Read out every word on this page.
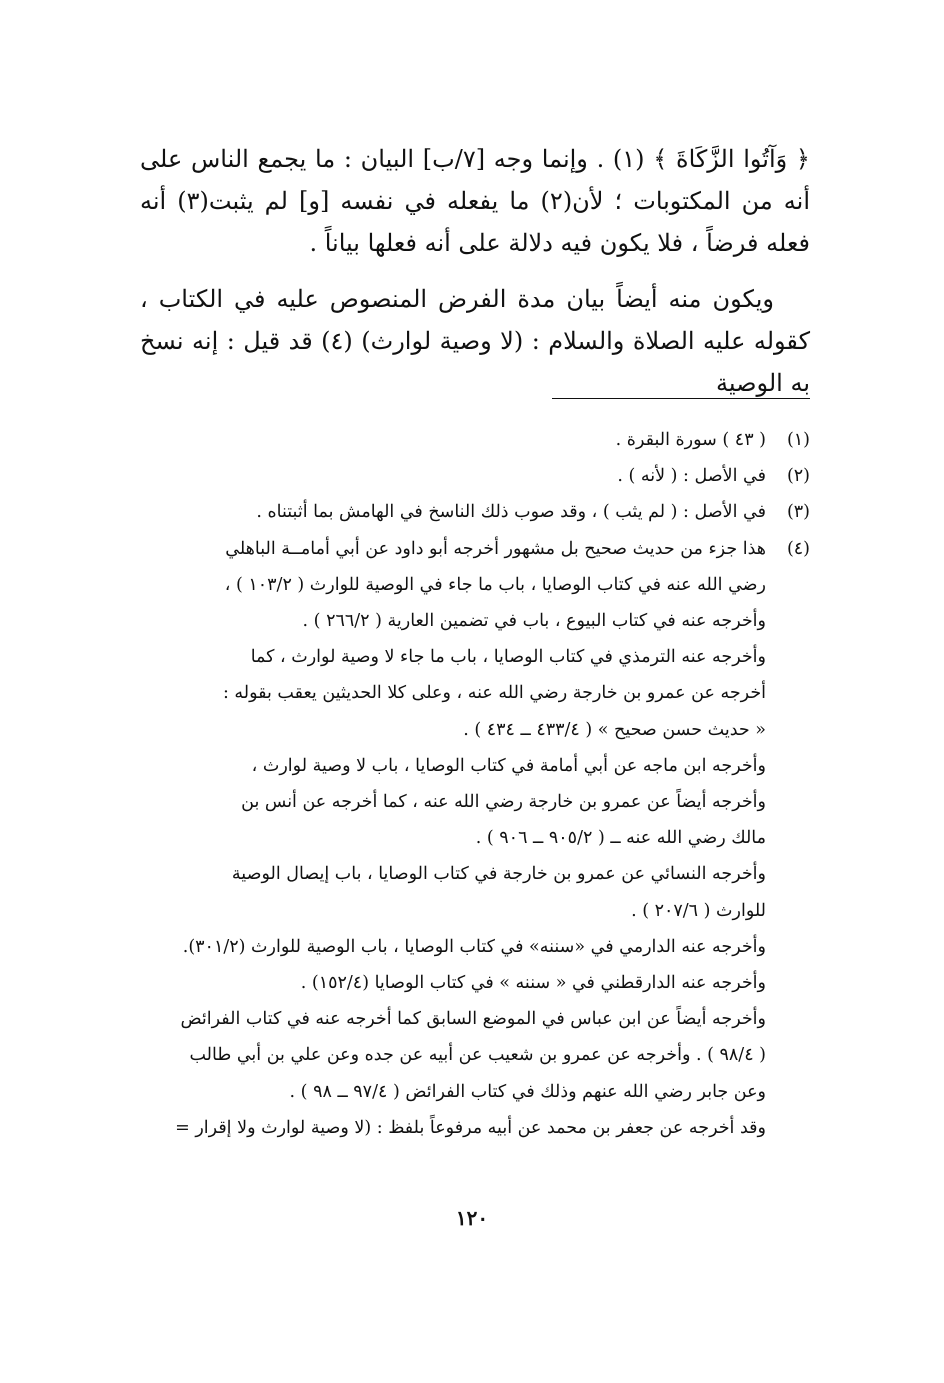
﴿ وَآتُوا الزَّكَاةَ ﴾ (١) . وإنما وجه [٧/ب] البيان : ما يجمع الناس على أنه من المكتوبات ؛ لأن(٢) ما يفعله في نفسه [و] لم يثبت(٣) أنه فعله فرضاً ، فلا يكون فيه دلالة على أنه فعلها بياناً .

ويكون منه أيضاً بيان مدة الفرض المنصوص عليه في الكتاب ، كقوله عليه الصلاة والسلام : (لا وصية لوارث) (٤) قد قيل : إنه نسخ به الوصية

(١)
( ٤٣ ) سورة البقرة .
(٢)
في الأصل : ( لأنه ) .
(٣)
في الأصل : ( لم يثب ) ، وقد صوب ذلك الناسخ في الهامش بما أثبتناه .
(٤)
هذا جزء من حديث صحيح بل مشهور أخرجه أبو داود عن أبي أمامــة الباهلي
رضي الله عنه في كتاب الوصايا ، باب ما جاء في الوصية للوارث ( ١٠٣/٢ ) ،
وأخرجه عنه في كتاب البيوع ، باب في تضمين العارية ( ٢٦٦/٢ ) .
وأخرجه عنه الترمذي في كتاب الوصايا ، باب ما جاء لا وصية لوارث ، كما
أخرجه عن عمرو بن خارجة رضي الله عنه ، وعلى كلا الحديثين يعقب بقوله :
« حديث حسن صحيح » ( ٤٣٣/٤ ــ ٤٣٤ ) .
وأخرجه ابن ماجه عن أبي أمامة في كتاب الوصايا ، باب لا وصية لوارث ،
وأخرجه أيضاً عن عمرو بن خارجة رضي الله عنه ، كما أخرجه عن أنس بن
مالك رضي الله عنه ــ ( ٩٠٥/٢ ــ ٩٠٦ ) .
وأخرجه النسائي عن عمرو بن خارجة في كتاب الوصايا ، باب إيصال الوصية
للوارث ( ٢٠٧/٦ ) .
وأخرجه عنه الدارمي في «سننه» في كتاب الوصايا ، باب الوصية للوارث (٣٠١/٢).
وأخرجه عنه الدارقطني في « سننه » في كتاب الوصايا (١٥٢/٤) .
وأخرجه أيضاً عن ابن عباس في الموضع السابق كما أخرجه عنه في كتاب الفرائض
( ٩٨/٤ ) . وأخرجه عن عمرو بن شعيب عن أبيه عن جده وعن علي بن أبي طالب
وعن جابر رضي الله عنهم وذلك في كتاب الفرائض ( ٩٧/٤ ــ ٩٨ ) .
وقد أخرجه عن جعفر بن محمد عن أبيه مرفوعاً بلفظ : (لا وصية لوارث ولا إقرار =
١٢٠
